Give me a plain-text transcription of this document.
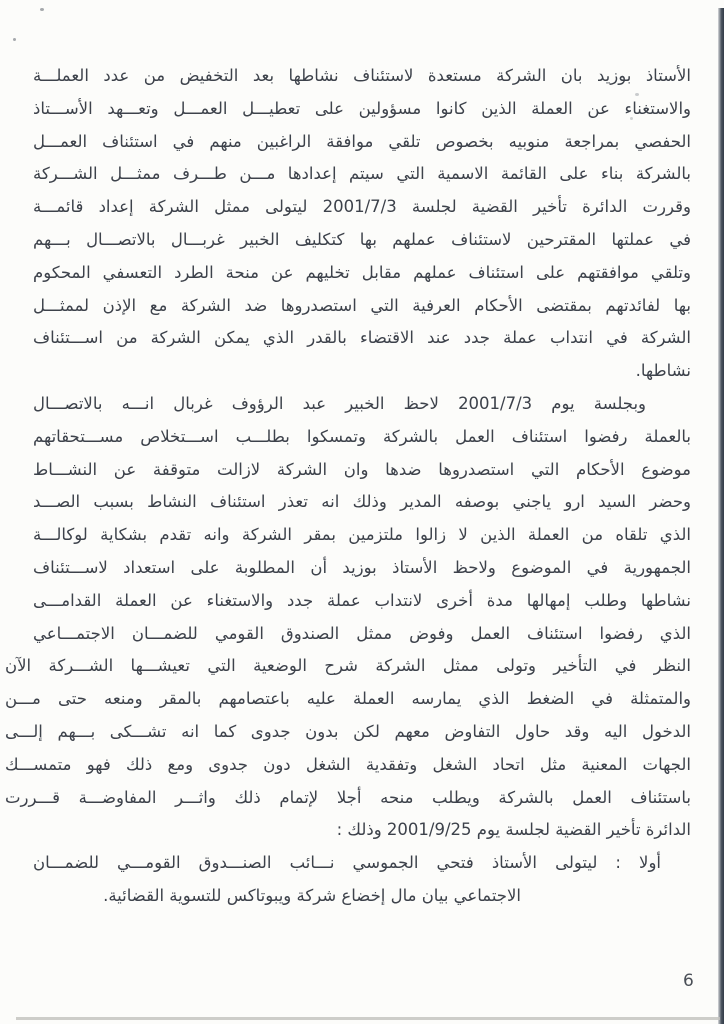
الأستاذ بوزيد بان الشركة مستعدة لاستئناف نشاطها بعد التخفيض من عدد العملـــة
والاستغناء عن العملة الذين كانوا مسؤولين على تعطيـــل العمـــل وتعـــهد الأســـتاذ
الحفصي بمراجعة منوبيه بخصوص تلقي موافقة الراغبين منهم في استئناف العمـــل
بالشركة بناء على القائمة الاسمية التي سيتم إعدادها مـــن طـــرف ممثـــل الشـــركة
وقررت الدائرة تأخير القضية لجلسة 2001/7/3 ليتولى ممثل الشركة إعداد قائمـــة
في عملتها المقترحين لاستئناف عملهم بها كتكليف الخبير غربـــال بالاتصـــال بـــهم
وتلقي موافقتهم على استئناف عملهم مقابل تخليهم عن منحة الطرد التعسفي المحكوم
بها لفائدتهم بمقتضى الأحكام العرفية التي استصدروها ضد الشركة مع الإذن لممثـــل
الشركة في انتداب عملة جدد عند الاقتضاء بالقدر الذي يمكن الشركة من اســـتئناف
نشاطها.
وبجلسة يوم 2001/7/3 لاحظ الخبير عبد الرؤوف غربال انـــه بالاتصـــال
بالعملة رفضوا استئناف العمل بالشركة وتمسكوا بطلـــب اســـتخلاص مســـتحقاتهم
موضوع الأحكام التي استصدروها ضدها وان الشركة لازالت متوقفة عن النشـــاط
وحضر السيد ارو ياجني بوصفه المدير وذلك انه تعذر استئناف النشاط بسبب الصـــد
الذي تلقاه من العملة الذين لا زالوا ملتزمين بمقر الشركة وانه تقدم بشكاية لوكالـــة
الجمهورية في الموضوع ولاحظ الأستاذ بوزيد أن المطلوبة على استعداد لاســـتئناف
نشاطها وطلب إمهالها مدة أخرى لانتداب عملة جدد والاستغناء عن العملة القدامـــى
الذي رفضوا استئناف العمل وفوض ممثل الصندوق القومي للضمـــان الاجتمـــاعي
النظر في التأخير وتولى ممثل الشركة شرح الوضعية التي تعيشـــها الشـــركة الآن
والمتمثلة في الضغط الذي يمارسه العملة عليه باعتصامهم بالمقر ومنعه حتى مـــن
الدخول اليه وقد حاول التفاوض معهم لكن بدون جدوى كما انه تشـــكى بـــهم إلـــى
الجهات المعنية مثل اتحاد الشغل وتفقدية الشغل دون جدوى ومع ذلك فهو متمســـك
باستئناف العمل بالشركة ويطلب منحه أجلا لإتمام ذلك واثـــر المفاوضـــة قـــررت
الدائرة تأخير القضية لجلسة يوم 2001/9/25 وذلك :
أولا : ليتولى الأستاذ فتحي الجموسي نـــائب الصنـــدوق القومـــي للضمـــان
الاجتماعي بيان مال إخضاع شركة ويبوتاكس للتسوية القضائية.
6
